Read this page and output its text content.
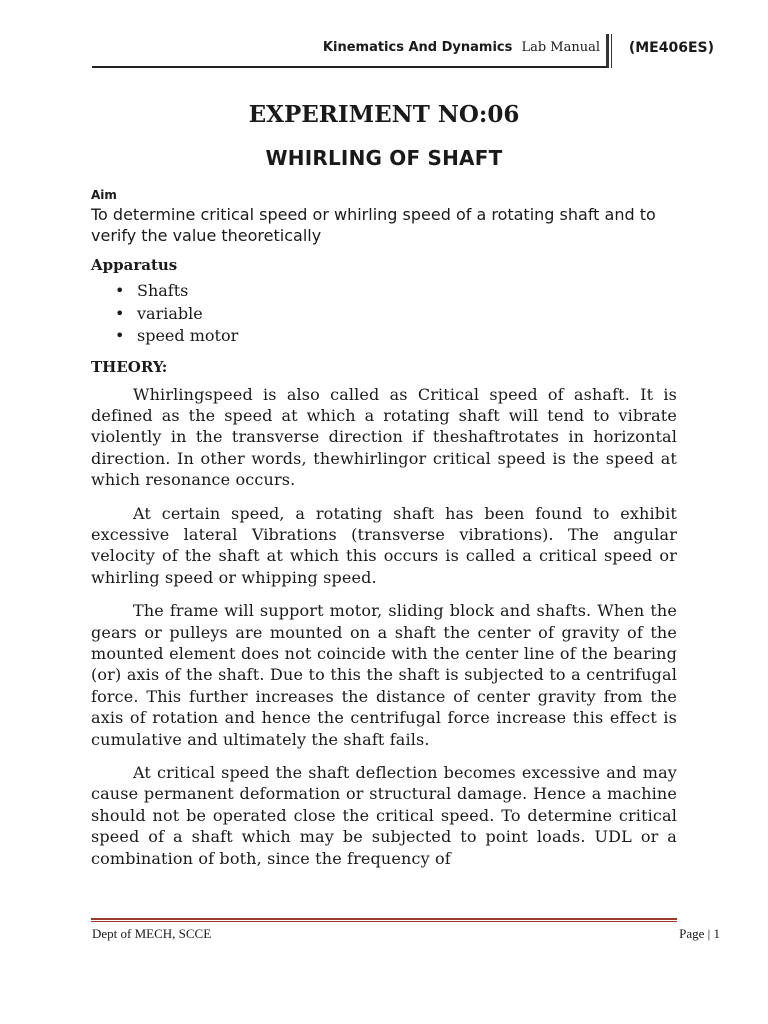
Kinematics And Dynamics Lab Manual (ME406ES)
EXPERIMENT NO:06
WHIRLING OF SHAFT

Aim

To determine critical speed or whirling speed of a rotating shaft and to verify the value theoretically

Apparatus

• Shafts
• variable
• speed motor

THEORY:

Whirlingspeed is also called as Critical speed of ashaft. It is defined as the speed at which a rotating shaft will tend to vibrate violently in the transverse direction if theshaftrotates in horizontal direction. In other words, thewhirlingor critical speed is the speed at which resonance occurs.

At certain speed, a rotating shaft has been found to exhibit excessive lateral Vibrations (transverse vibrations). The angular velocity of the shaft at which this occurs is called a critical speed or whirling speed or whipping speed.

The frame will support motor, sliding block and shafts. When the gears or pulleys are mounted on a shaft the center of gravity of the mounted element does not coincide with the center line of the bearing (or) axis of the shaft. Due to this the shaft is subjected to a centrifugal force. This further increases the distance of center gravity from the axis of rotation and hence the centrifugal force increase this effect is cumulative and ultimately the shaft fails.

At critical speed the shaft deflection becomes excessive and may cause permanent deformation or structural damage. Hence a machine should not be operated close the critical speed. To determine critical speed of a shaft which may be subjected to point loads. UDL or a combination of both, since the frequency of

Dept of MECH, SCCE	Page | 1
